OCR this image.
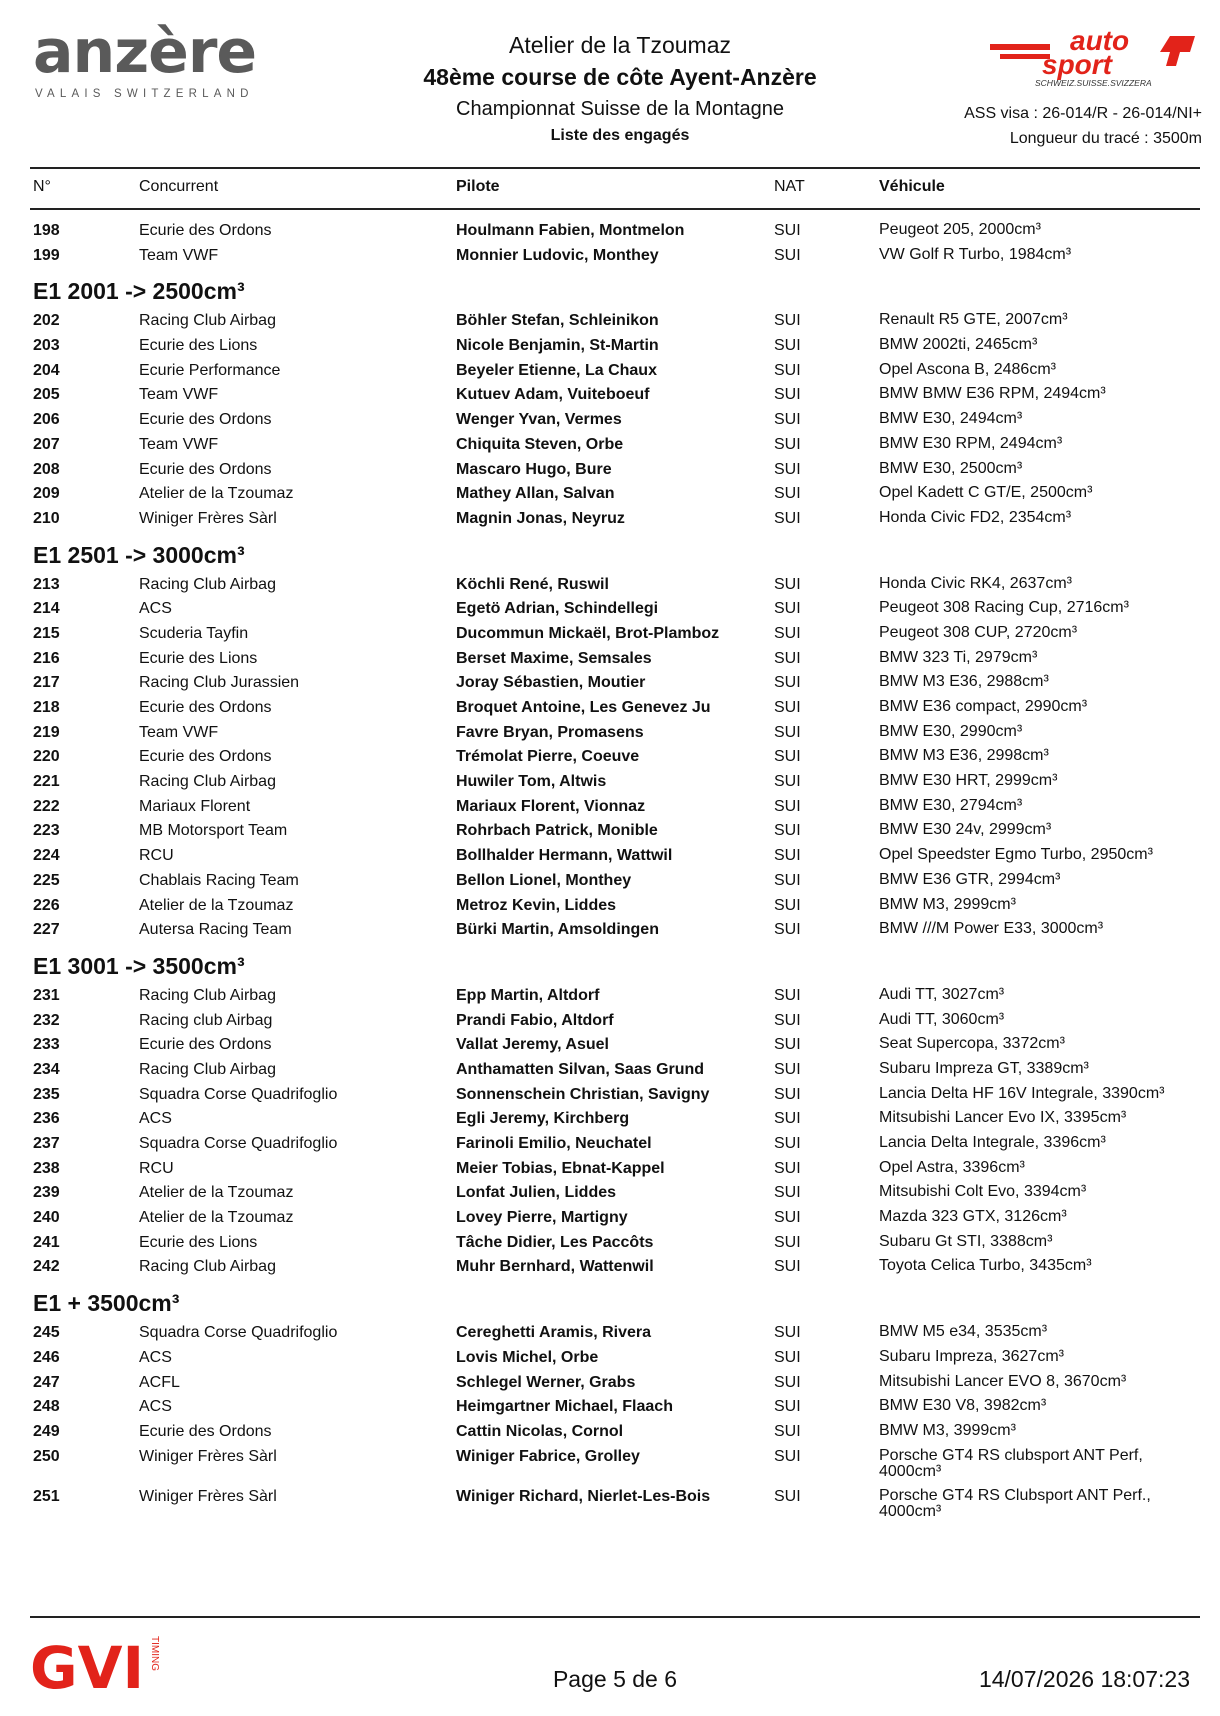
anzère
VALAIS SWITZERLAND
Atelier de la Tzoumaz
48ème course de côte Ayent-Anzère
Championnat Suisse de la Montagne
Liste des engagés
auto
sport
SCHWEIZ.SUISSE.SVIZZERA
ASS visa : 26-014/R - 26-014/NI+
Longueur du tracé : 3500m
N°	Concurrent	Pilote	NAT	Véhicule
198	Ecurie des Ordons	Houlmann Fabien, Montmelon	SUI	Peugeot 205, 2000cm³
199	Team VWF	Monnier Ludovic, Monthey	SUI	VW Golf R Turbo, 1984cm³
E1 2001 -> 2500cm³
202	Racing Club Airbag	Böhler Stefan, Schleinikon	SUI	Renault R5 GTE, 2007cm³
203	Ecurie des Lions	Nicole Benjamin, St-Martin	SUI	BMW 2002ti, 2465cm³
204	Ecurie Performance	Beyeler Etienne, La Chaux	SUI	Opel Ascona B, 2486cm³
205	Team VWF	Kutuev Adam, Vuiteboeuf	SUI	BMW BMW E36 RPM, 2494cm³
206	Ecurie des Ordons	Wenger Yvan, Vermes	SUI	BMW E30, 2494cm³
207	Team VWF	Chiquita Steven, Orbe	SUI	BMW E30 RPM, 2494cm³
208	Ecurie des Ordons	Mascaro Hugo, Bure	SUI	BMW E30, 2500cm³
209	Atelier de la Tzoumaz	Mathey Allan, Salvan	SUI	Opel Kadett C GT/E, 2500cm³
210	Winiger Frères Sàrl	Magnin Jonas, Neyruz	SUI	Honda Civic FD2, 2354cm³
E1 2501 -> 3000cm³
213	Racing Club Airbag	Köchli René, Ruswil	SUI	Honda Civic RK4, 2637cm³
214	ACS	Egetö Adrian, Schindellegi	SUI	Peugeot 308 Racing Cup, 2716cm³
215	Scuderia Tayfin	Ducommun Mickaël, Brot-Plamboz	SUI	Peugeot 308 CUP, 2720cm³
216	Ecurie des Lions	Berset Maxime, Semsales	SUI	BMW 323 Ti, 2979cm³
217	Racing Club Jurassien	Joray Sébastien, Moutier	SUI	BMW M3 E36, 2988cm³
218	Ecurie des Ordons	Broquet Antoine, Les Genevez Ju	SUI	BMW E36 compact, 2990cm³
219	Team VWF	Favre Bryan, Promasens	SUI	BMW E30, 2990cm³
220	Ecurie des Ordons	Trémolat Pierre, Coeuve	SUI	BMW M3 E36, 2998cm³
221	Racing Club Airbag	Huwiler Tom, Altwis	SUI	BMW E30 HRT, 2999cm³
222	Mariaux Florent	Mariaux Florent, Vionnaz	SUI	BMW E30, 2794cm³
223	MB Motorsport Team	Rohrbach Patrick, Monible	SUI	BMW E30 24v, 2999cm³
224	RCU	Bollhalder Hermann, Wattwil	SUI	Opel Speedster Egmo Turbo, 2950cm³
225	Chablais Racing Team	Bellon Lionel, Monthey	SUI	BMW E36 GTR, 2994cm³
226	Atelier de la Tzoumaz	Metroz Kevin, Liddes	SUI	BMW M3, 2999cm³
227	Autersa Racing Team	Bürki Martin, Amsoldingen	SUI	BMW ///M Power E33, 3000cm³
E1 3001 -> 3500cm³
231	Racing Club Airbag	Epp Martin, Altdorf	SUI	Audi TT, 3027cm³
232	Racing club Airbag	Prandi Fabio, Altdorf	SUI	Audi TT, 3060cm³
233	Ecurie des Ordons	Vallat Jeremy, Asuel	SUI	Seat Supercopa, 3372cm³
234	Racing Club Airbag	Anthamatten Silvan, Saas Grund	SUI	Subaru Impreza GT, 3389cm³
235	Squadra Corse Quadrifoglio	Sonnenschein Christian, Savigny	SUI	Lancia Delta HF 16V Integrale, 3390cm³
236	ACS	Egli Jeremy, Kirchberg	SUI	Mitsubishi Lancer Evo IX, 3395cm³
237	Squadra Corse Quadrifoglio	Farinoli Emilio, Neuchatel	SUI	Lancia Delta Integrale, 3396cm³
238	RCU	Meier Tobias, Ebnat-Kappel	SUI	Opel Astra, 3396cm³
239	Atelier de la Tzoumaz	Lonfat Julien, Liddes	SUI	Mitsubishi Colt Evo, 3394cm³
240	Atelier de la Tzoumaz	Lovey Pierre, Martigny	SUI	Mazda 323 GTX, 3126cm³
241	Ecurie des Lions	Tâche Didier, Les Paccôts	SUI	Subaru Gt STI, 3388cm³
242	Racing Club Airbag	Muhr Bernhard, Wattenwil	SUI	Toyota Celica Turbo, 3435cm³
E1 + 3500cm³
245	Squadra Corse Quadrifoglio	Cereghetti Aramis, Rivera	SUI	BMW M5 e34, 3535cm³
246	ACS	Lovis Michel, Orbe	SUI	Subaru Impreza, 3627cm³
247	ACFL	Schlegel Werner, Grabs	SUI	Mitsubishi Lancer EVO 8, 3670cm³
248	ACS	Heimgartner Michael, Flaach	SUI	BMW E30 V8, 3982cm³
249	Ecurie des Ordons	Cattin Nicolas, Cornol	SUI	BMW M3, 3999cm³
250	Winiger Frères Sàrl	Winiger Fabrice, Grolley	SUI	Porsche GT4 RS clubsport ANT Perf, 4000cm³
251	Winiger Frères Sàrl	Winiger Richard, Nierlet-Les-Bois	SUI	Porsche GT4 RS Clubsport ANT Perf., 4000cm³
GVI TIMING
Page 5 de 6	14/07/2026 18:07:23
